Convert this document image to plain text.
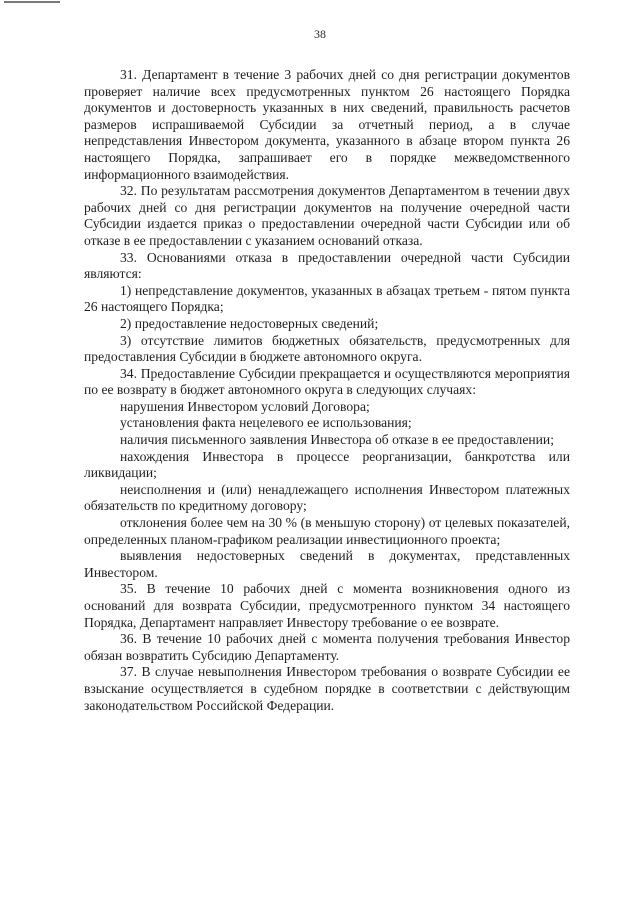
38

31. Департамент в течение 3 рабочих дней со дня регистрации документов проверяет наличие всех предусмотренных пунктом 26 настоящего Порядка документов и достоверность указанных в них сведений, правильность расчетов размеров испрашиваемой Субсидии за отчетный период, а в случае непредставления Инвестором документа, указанного в абзаце втором пункта 26 настоящего Порядка, запрашивает его в порядке межведомственного информационного взаимодействия.

32. По результатам рассмотрения документов Департаментом в течении двух рабочих дней со дня регистрации документов на получение очередной части Субсидии издается приказ о предоставлении очередной части Субсидии или об отказе в ее предоставлении с указанием оснований отказа.

33. Основаниями отказа в предоставлении очередной части Субсидии являются:

1) непредставление документов, указанных в абзацах третьем - пятом пункта 26 настоящего Порядка;

2) предоставление недостоверных сведений;

3) отсутствие лимитов бюджетных обязательств, предусмотренных для предоставления Субсидии в бюджете автономного округа.

34. Предоставление Субсидии прекращается и осуществляются мероприятия по ее возврату в бюджет автономного округа в следующих случаях:

нарушения Инвестором условий Договора;

установления факта нецелевого ее использования;

наличия письменного заявления Инвестора об отказе в ее предоставлении;

нахождения Инвестора в процессе реорганизации, банкротства или ликвидации;

неисполнения и (или) ненадлежащего исполнения Инвестором платежных обязательств по кредитному договору;

отклонения более чем на 30 % (в меньшую сторону) от целевых показателей, определенных планом-графиком реализации инвестиционного проекта;

выявления недостоверных сведений в документах, представленных Инвестором.

35. В течение 10 рабочих дней с момента возникновения одного из оснований для возврата Субсидии, предусмотренного пунктом 34 настоящего Порядка, Департамент направляет Инвестору требование о ее возврате.

36. В течение 10 рабочих дней с момента получения требования Инвестор обязан возвратить Субсидию Департаменту.

37. В случае невыполнения Инвестором требования о возврате Субсидии ее взыскание осуществляется в судебном порядке в соответствии с действующим законодательством Российской Федерации.
